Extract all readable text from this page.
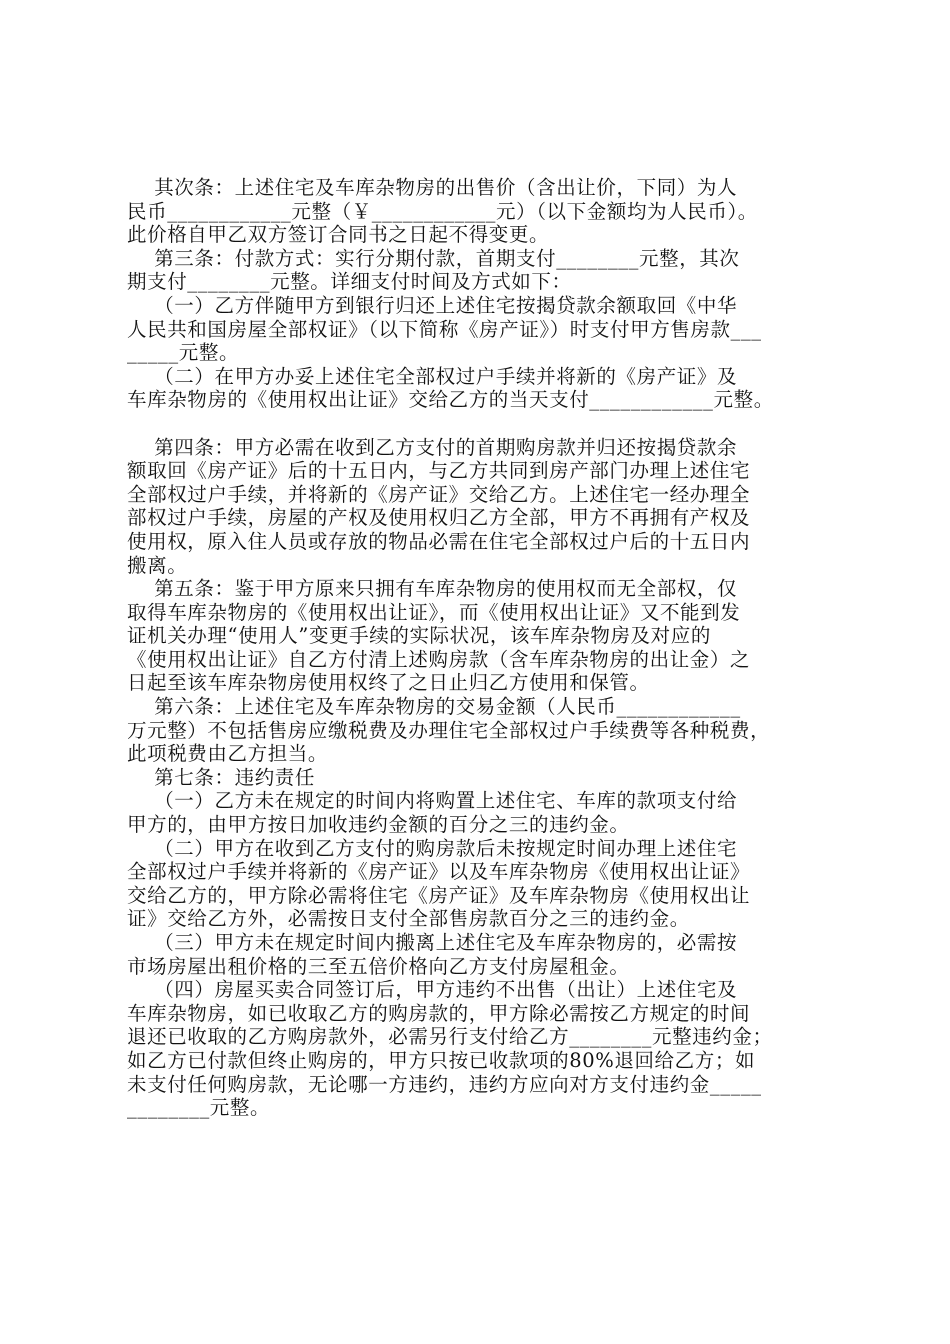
其次条：上述住宅及车库杂物房的出售价（含出让价，下同）为人
民币____________元整（￥____________元）（以下金额均为人民币）。
此价格自甲乙双方签订合同书之日起不得变更。
第三条：付款方式：实行分期付款，首期支付________元整，其次
期支付________元整。详细支付时间及方式如下：
（一）乙方伴随甲方到银行归还上述住宅按揭贷款余额取回《中华
人民共和国房屋全部权证》（以下简称《房产证》）时支付甲方售房款___
_____元整。
（二）在甲方办妥上述住宅全部权过户手续并将新的《房产证》及
车库杂物房的《使用权出让证》交给乙方的当天支付____________元整。
第四条：甲方必需在收到乙方支付的首期购房款并归还按揭贷款余
额取回《房产证》后的十五日内，与乙方共同到房产部门办理上述住宅
全部权过户手续，并将新的《房产证》交给乙方。上述住宅一经办理全
部权过户手续，房屋的产权及使用权归乙方全部，甲方不再拥有产权及
使用权，原入住人员或存放的物品必需在住宅全部权过户后的十五日内
搬离。
第五条：鉴于甲方原来只拥有车库杂物房的使用权而无全部权，仅
取得车库杂物房的《使用权出让证》，而《使用权出让证》又不能到发
证机关办理“使用人”变更手续的实际状况，该车库杂物房及对应的
《使用权出让证》自乙方付清上述购房款（含车库杂物房的出让金）之
日起至该车库杂物房使用权终了之日止归乙方使用和保管。
第六条：上述住宅及车库杂物房的交易金额（人民币____________
万元整）不包括售房应缴税费及办理住宅全部权过户手续费等各种税费，
此项税费由乙方担当。
第七条：违约责任
（一）乙方未在规定的时间内将购置上述住宅、车库的款项支付给
甲方的，由甲方按日加收违约金额的百分之三的违约金。
（二）甲方在收到乙方支付的购房款后未按规定时间办理上述住宅
全部权过户手续并将新的《房产证》以及车库杂物房《使用权出让证》
交给乙方的，甲方除必需将住宅《房产证》及车库杂物房《使用权出让
证》交给乙方外，必需按日支付全部售房款百分之三的违约金。
（三）甲方未在规定时间内搬离上述住宅及车库杂物房的，必需按
市场房屋出租价格的三至五倍价格向乙方支付房屋租金。
（四）房屋买卖合同签订后，甲方违约不出售（出让）上述住宅及
车库杂物房，如已收取乙方的购房款的，甲方除必需按乙方规定的时间
退还已收取的乙方购房款外，必需另行支付给乙方________元整违约金；
如乙方已付款但终止购房的，甲方只按已收款项的80%退回给乙方；如
未支付任何购房款，无论哪一方违约，违约方应向对方支付违约金_____
________元整。
